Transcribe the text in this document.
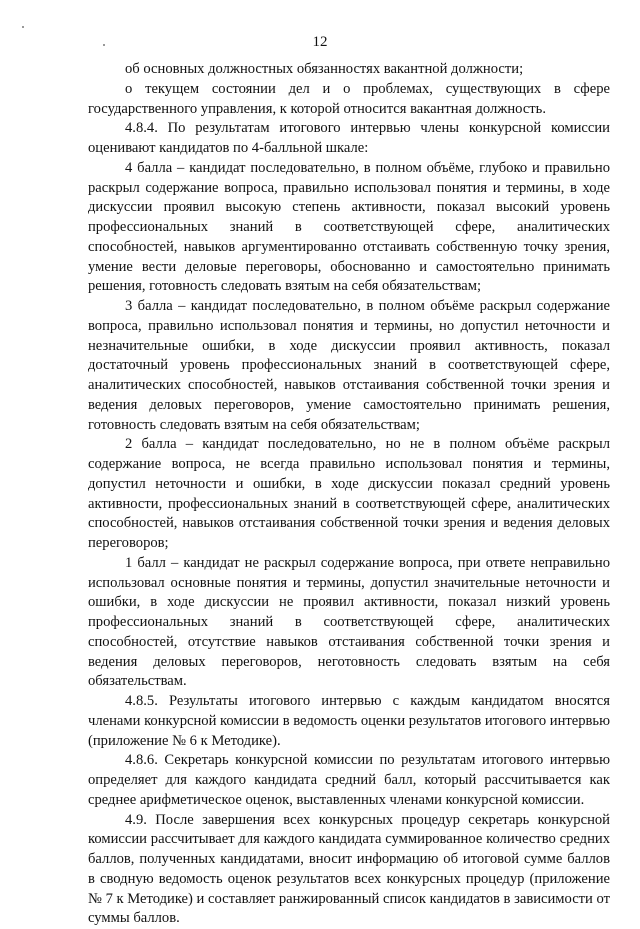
12

об основных должностных обязанностях вакантной должности;

о текущем состоянии дел и о проблемах, существующих в сфере государственного управления, к которой относится вакантная должность.

4.8.4. По результатам итогового интервью члены конкурсной комиссии оценивают кандидатов по 4-балльной шкале:

4 балла – кандидат последовательно, в полном объёме, глубоко и правильно раскрыл содержание вопроса, правильно использовал понятия и термины, в ходе дискуссии проявил высокую степень активности, показал высокий уровень профессиональных знаний в соответствующей сфере, аналитических способностей, навыков аргументированно отстаивать собственную точку зрения, умение вести деловые переговоры, обоснованно и самостоятельно принимать решения, готовность следовать взятым на себя обязательствам;

3 балла – кандидат последовательно, в полном объёме раскрыл содержание вопроса, правильно использовал понятия и термины, но допустил неточности и незначительные ошибки, в ходе дискуссии проявил активность, показал достаточный уровень профессиональных знаний в соответствующей сфере, аналитических способностей, навыков отстаивания собственной точки зрения и ведения деловых переговоров, умение самостоятельно принимать решения, готовность следовать взятым на себя обязательствам;

2 балла – кандидат последовательно, но не в полном объёме раскрыл содержание вопроса, не всегда правильно использовал понятия и термины, допустил неточности и ошибки, в ходе дискуссии показал средний уровень активности, профессиональных знаний в соответствующей сфере, аналитических способностей, навыков отстаивания собственной точки зрения и ведения деловых переговоров;

1 балл – кандидат не раскрыл содержание вопроса, при ответе неправильно использовал основные понятия и термины, допустил значительные неточности и ошибки, в ходе дискуссии не проявил активности, показал низкий уровень профессиональных знаний в соответствующей сфере, аналитических способностей, отсутствие навыков отстаивания собственной точки зрения и ведения деловых переговоров, неготовность следовать взятым на себя обязательствам.

4.8.5. Результаты итогового интервью с каждым кандидатом вносятся членами конкурсной комиссии в ведомость оценки результатов итогового интервью (приложение № 6 к Методике).

4.8.6. Секретарь конкурсной комиссии по результатам итогового интервью определяет для каждого кандидата средний балл, который рассчитывается как среднее арифметическое оценок, выставленных членами конкурсной комиссии.

4.9. После завершения всех конкурсных процедур секретарь конкурсной комиссии рассчитывает для каждого кандидата суммированное количество средних баллов, полученных кандидатами, вносит информацию об итоговой сумме баллов в сводную ведомость оценок результатов всех конкурсных процедур (приложение № 7 к Методике) и составляет ранжированный список кандидатов в зависимости от суммы баллов.
